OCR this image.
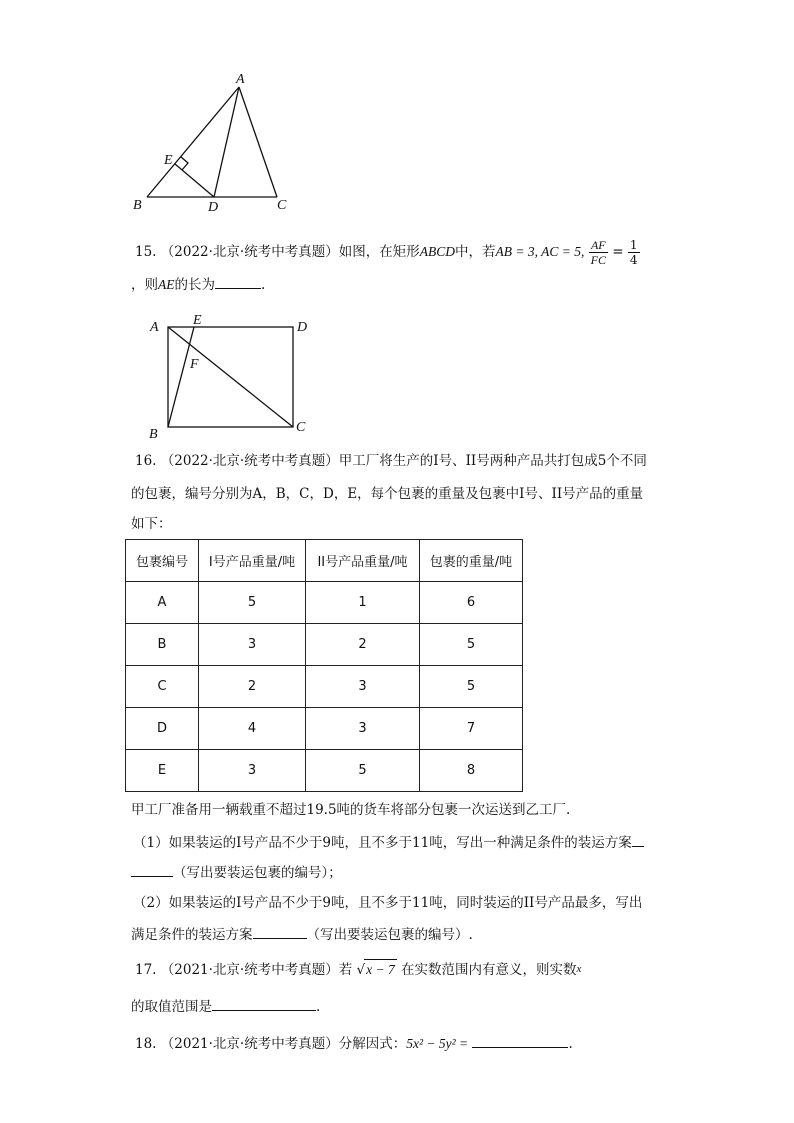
A
E
B	D	C
15. （2022·北京·统考中考真题）如图，在矩形ABCD中，若AB = 3, AC = 5, $\frac{AF}{FC} = \frac{1}{4}$
，则AE的长为	.
A E	D
F
B	C
16. （2022·北京·统考中考真题）甲工厂将生产的I号、II号两种产品共打包成5个不同
的包裹，编号分别为A，B，C，D，E，每个包裹的重量及包裹中I号、II号产品的重量
如下：
包裹编号	I号产品重量/吨	II号产品重量/吨	包裹的重量/吨
A	5	1	6
B	3	2	5
C	2	3	5
D	4	3	7
E	3	5	8
甲工厂准备用一辆载重不超过19.5吨的货车将部分包裹一次运送到乙工厂.
（1）如果装运的I号产品不少于9吨，且不多于11吨，写出一种满足条件的装运方案
（写出要装运包裹的编号）；
（2）如果装运的I号产品不少于9吨，且不多于11吨，同时装运的II号产品最多，写出
满足条件的装运方案	（写出要装运包裹的编号）.
17. （2021·北京·统考中考真题）若 √x − 7 在实数范围内有意义，则实数$^x$
的取值范围是	.
18. （2021·北京·统考中考真题）分解因式：5x² − 5y² =	.
